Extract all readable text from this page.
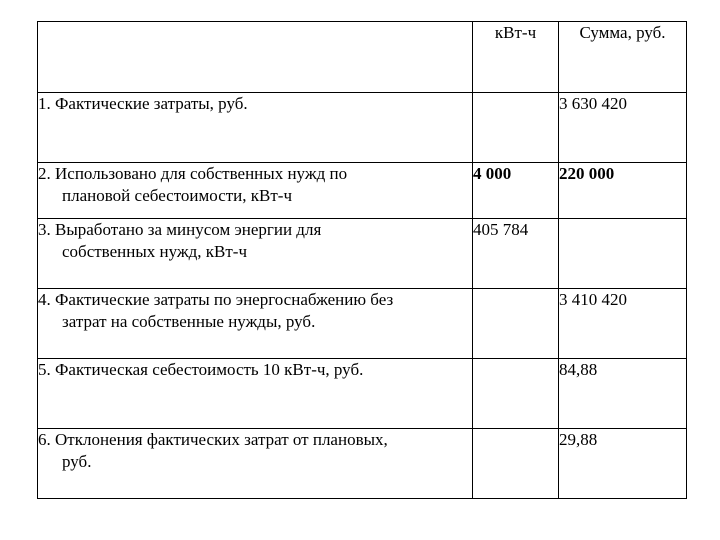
	кВт-ч	Сумма, руб.
1. Фактические затраты, руб.		3 630 420
2. Использовано для собственных нужд по
плановой себестоимости, кВт-ч	4 000	220 000
3. Выработано за минусом энергии для
собственных нужд, кВт-ч	405 784	
4. Фактические затраты по энергоснабжению без
затрат на собственные нужды, руб.		3 410 420
5. Фактическая себестоимость 10 кВт-ч, руб.		84,88
6. Отклонения фактических затрат от плановых,
руб.		29,88
